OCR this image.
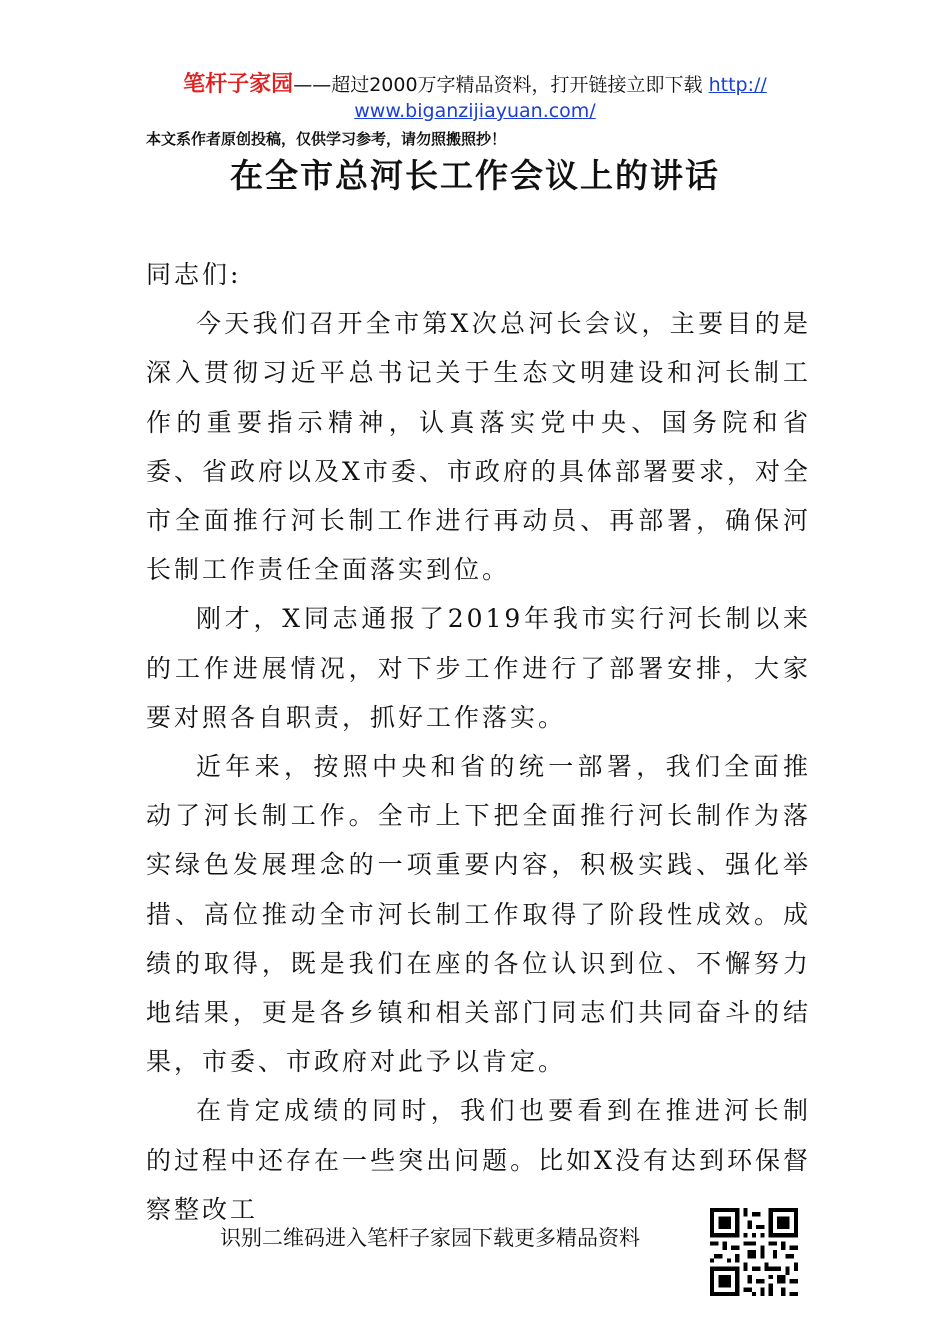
笔杆子家园——超过2000万字精品资料，打开链接立即下载 http://
www.biganzijiayuan.com/
本文系作者原创投稿，仅供学习参考，请勿照搬照抄！
在全市总河长工作会议上的讲话

同志们:

今天我们召开全市第X次总河长会议，主要目的是深入贯彻习近平总书记关于生态文明建设和河长制工作的重要指示精神，认真落实党中央、国务院和省委、省政府以及X市委、市政府的具体部署要求，对全市全面推行河长制工作进行再动员、再部署，确保河长制工作责任全面落实到位。

刚才，X同志通报了2019年我市实行河长制以来的工作进展情况，对下步工作进行了部署安排，大家要对照各自职责，抓好工作落实。

近年来，按照中央和省的统一部署，我们全面推动了河长制工作。全市上下把全面推行河长制作为落实绿色发展理念的一项重要内容，积极实践、强化举措、高位推动全市河长制工作取得了阶段性成效。成绩的取得，既是我们在座的各位认识到位、不懈努力地结果，更是各乡镇和相关部门同志们共同奋斗的结果，市委、市政府对此予以肯定。

在肯定成绩的同时，我们也要看到在推进河长制的过程中还存在一些突出问题。比如X没有达到环保督察整改工

识别二维码进入笔杆子家园下载更多精品资料
